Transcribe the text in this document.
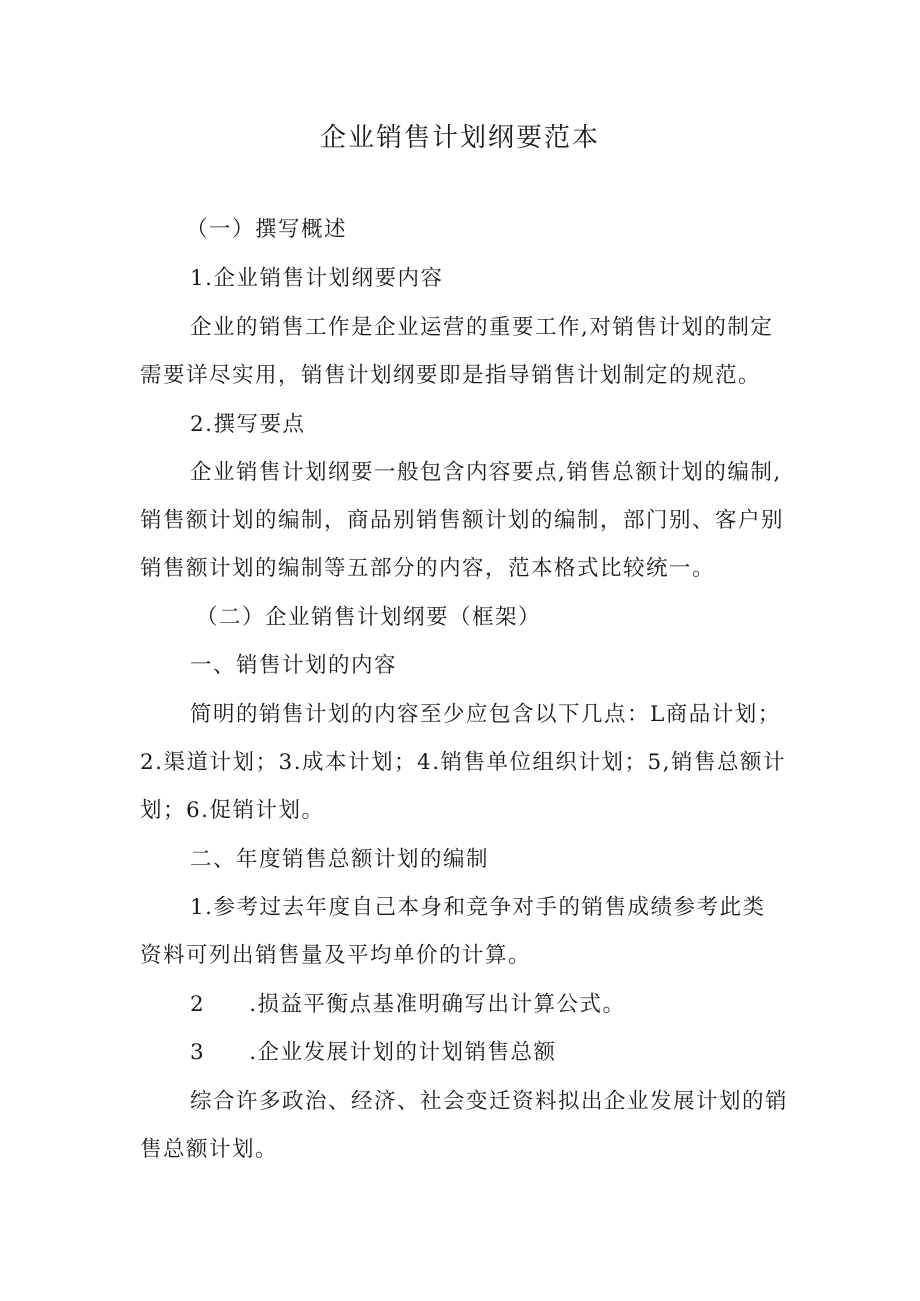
企业销售计划纲要范本
（一）撰写概述
1.企业销售计划纲要内容
企业的销售工作是企业运营的重要工作,对销售计划的制定
需要详尽实用，销售计划纲要即是指导销售计划制定的规范。
2.撰写要点
企业销售计划纲要一般包含内容要点,销售总额计划的编制,
销售额计划的编制，商品别销售额计划的编制，部门别、客户别
销售额计划的编制等五部分的内容，范本格式比较统一。
（二）企业销售计划纲要（框架）
一、销售计划的内容
简明的销售计划的内容至少应包含以下几点：L商品计划；
2.渠道计划；3.成本计划；4.销售单位组织计划；5,销售总额计
划；6.促销计划。
二、年度销售总额计划的编制
1.参考过去年度自己本身和竞争对手的销售成绩参考此类
资料可列出销售量及平均单价的计算。
2 .损益平衡点基准明确写出计算公式。
3 .企业发展计划的计划销售总额
综合许多政治、经济、社会变迁资料拟出企业发展计划的销
售总额计划。
